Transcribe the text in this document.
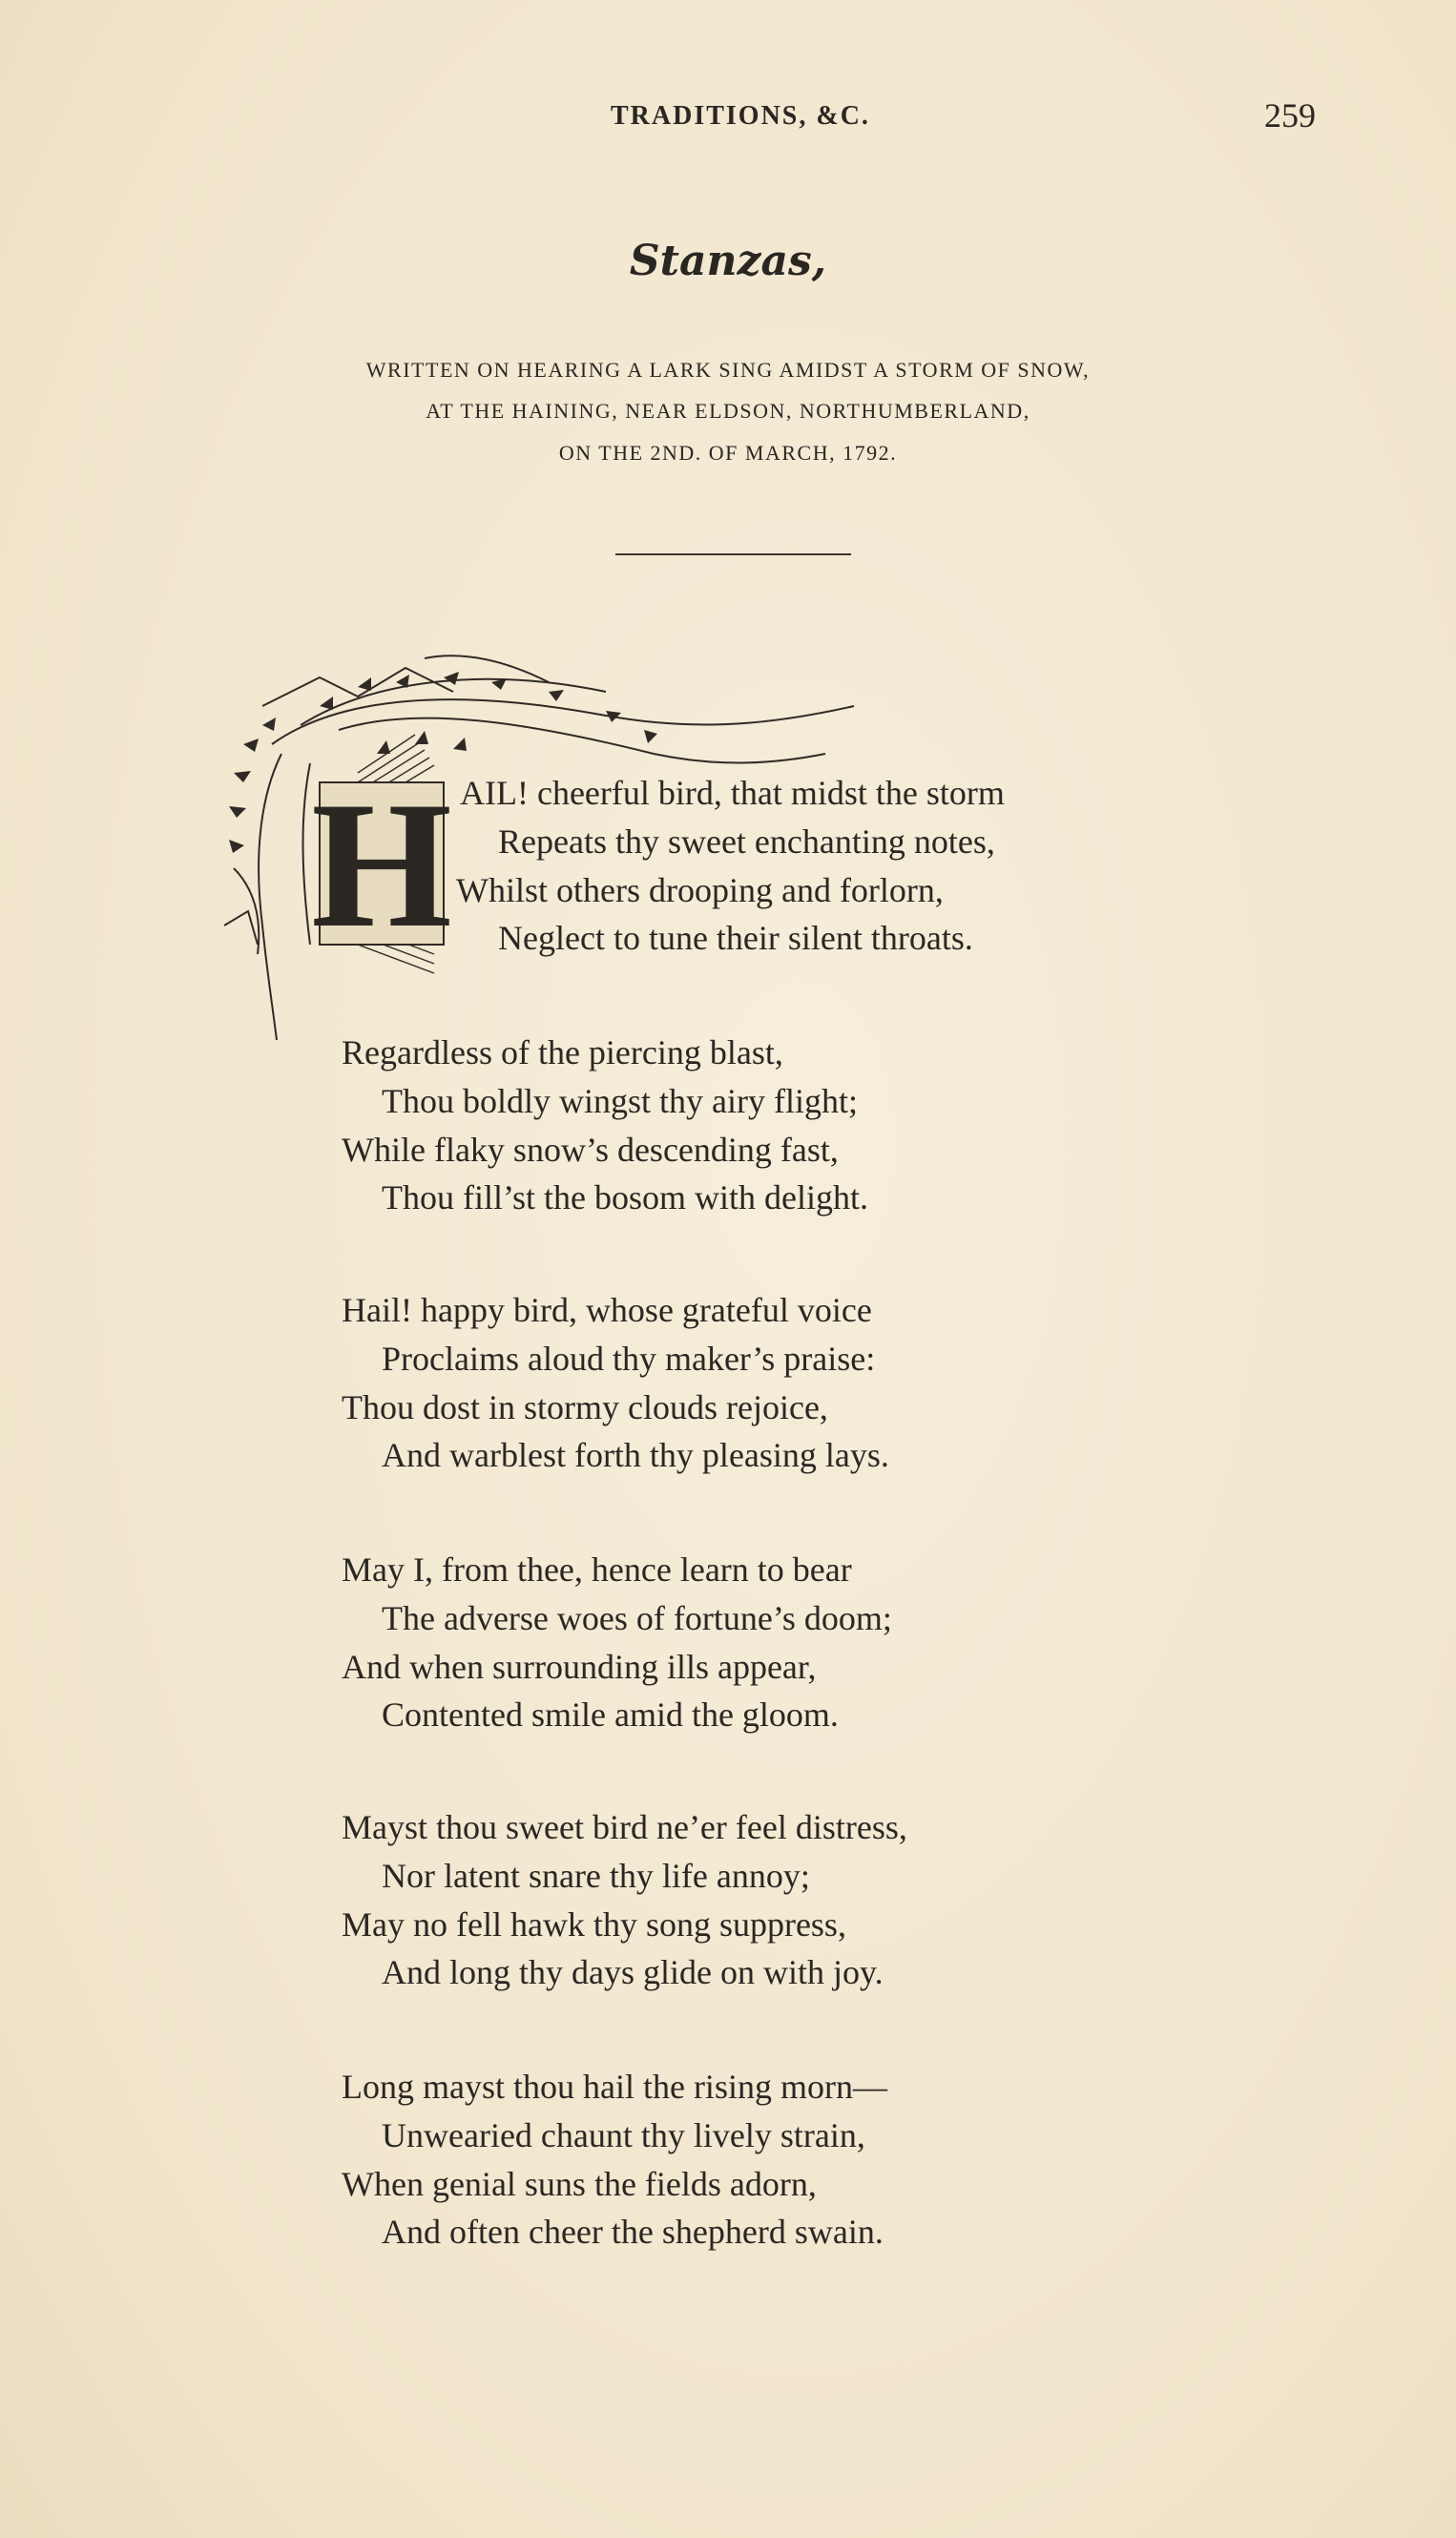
TRADITIONS, &C.	259
Stanzas,
WRITTEN ON HEARING A LARK SING AMIDST A STORM OF SNOW,
AT THE HAINING, NEAR ELDSON, NORTHUMBERLAND,
ON THE 2ND. OF MARCH, 1792.
H AIL! cheerful bird, that midst the storm
Repeats thy sweet enchanting notes,
Whilst others drooping and forlorn,
Neglect to tune their silent throats.
Regardless of the piercing blast,
Thou boldly wingst thy airy flight;
While flaky snow’s descending fast,
Thou fill’st the bosom with delight.
Hail! happy bird, whose grateful voice
Proclaims aloud thy maker’s praise:
Thou dost in stormy clouds rejoice,
And warblest forth thy pleasing lays.
May I, from thee, hence learn to bear
The adverse woes of fortune’s doom;
And when surrounding ills appear,
Contented smile amid the gloom.
Mayst thou sweet bird ne’er feel distress,
Nor latent snare thy life annoy;
May no fell hawk thy song suppress,
And long thy days glide on with joy.
Long mayst thou hail the rising morn—
Unwearied chaunt thy lively strain,
When genial suns the fields adorn,
And often cheer the shepherd swain.
